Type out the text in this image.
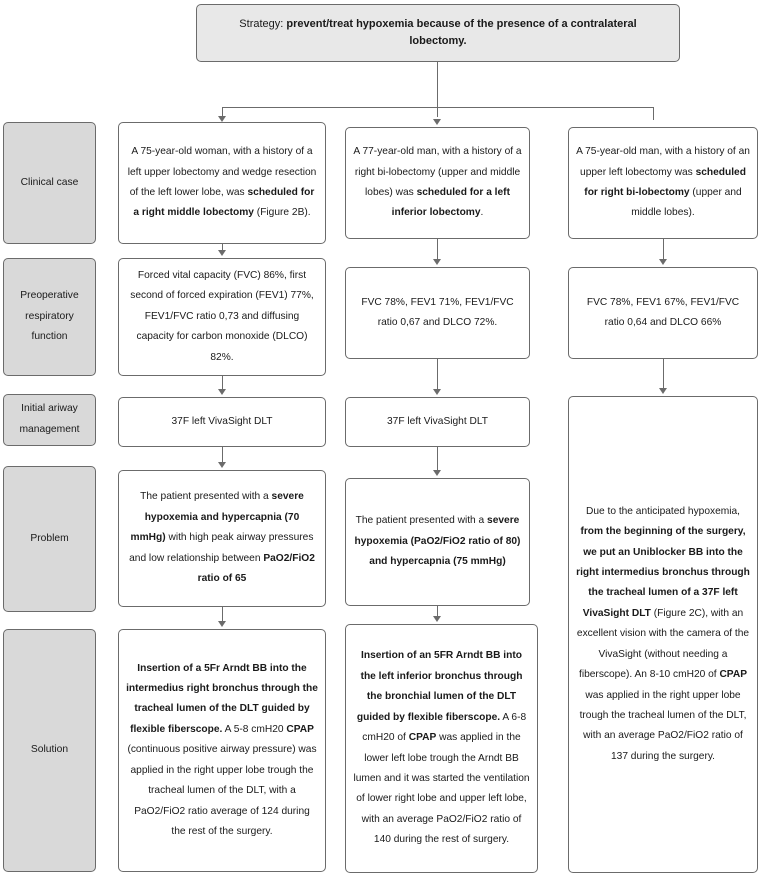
Strategy: prevent/treat hypoxemia because of the presence of a contralateral lobectomy.

Clinical case

Preoperative respiratory function

Initial ariway management

Problem

Solution

A 75-year-old woman, with a history of a left upper lobectomy and wedge resection of the left lower lobe, was scheduled for a right middle lobectomy (Figure 2B).

A 77-year-old man, with a history of a right bi-lobectomy (upper and middle lobes) was scheduled for a left inferior lobectomy.

A 75-year-old man, with a history of an upper left lobectomy was scheduled for right bi-lobectomy (upper and middle lobes).

Forced vital capacity (FVC) 86%, first second of forced expiration (FEV1) 77%, FEV1/FVC ratio 0,73 and diffusing capacity for carbon monoxide (DLCO) 82%.

FVC 78%, FEV1 71%, FEV1/FVC ratio 0,67 and DLCO 72%.

FVC 78%, FEV1 67%, FEV1/FVC ratio 0,64 and DLCO 66%

37F left VivaSight DLT	37F left VivaSight DLT

The patient presented with a severe hypoxemia and hypercapnia (70 mmHg) with high peak airway pressures and low relationship between PaO2/FiO2 ratio of 65

The patient presented with a severe hypoxemia (PaO2/FiO2 ratio of 80) and hypercapnia (75 mmHg)

Insertion of a 5Fr Arndt BB into the intermedius right bronchus through the tracheal lumen of the DLT guided by flexible fiberscope. A 5-8 cmH20 CPAP (continuous positive airway pressure) was applied in the right upper lobe trough the tracheal lumen of the DLT, with a PaO2/FiO2 ratio average of 124 during the rest of the surgery.

Insertion of an 5FR Arndt BB into the left inferior bronchus through the bronchial lumen of the DLT guided by flexible fiberscope. A 6-8 cmH20 of CPAP was applied in the lower left lobe trough the Arndt BB lumen and it was started the ventilation of lower right lobe and upper left lobe, with an average PaO2/FiO2 ratio of 140 during the rest of surgery.

Due to the anticipated hypoxemia, from the beginning of the surgery, we put an Uniblocker BB into the right intermedius bronchus through the tracheal lumen of a 37F left VivaSight DLT (Figure 2C), with an excellent vision with the camera of the VivaSight (without needing a fiberscope). An 8-10 cmH20 of CPAP was applied in the right upper lobe trough the tracheal lumen of the DLT, with an average PaO2/FiO2 ratio of 137 during the surgery.
